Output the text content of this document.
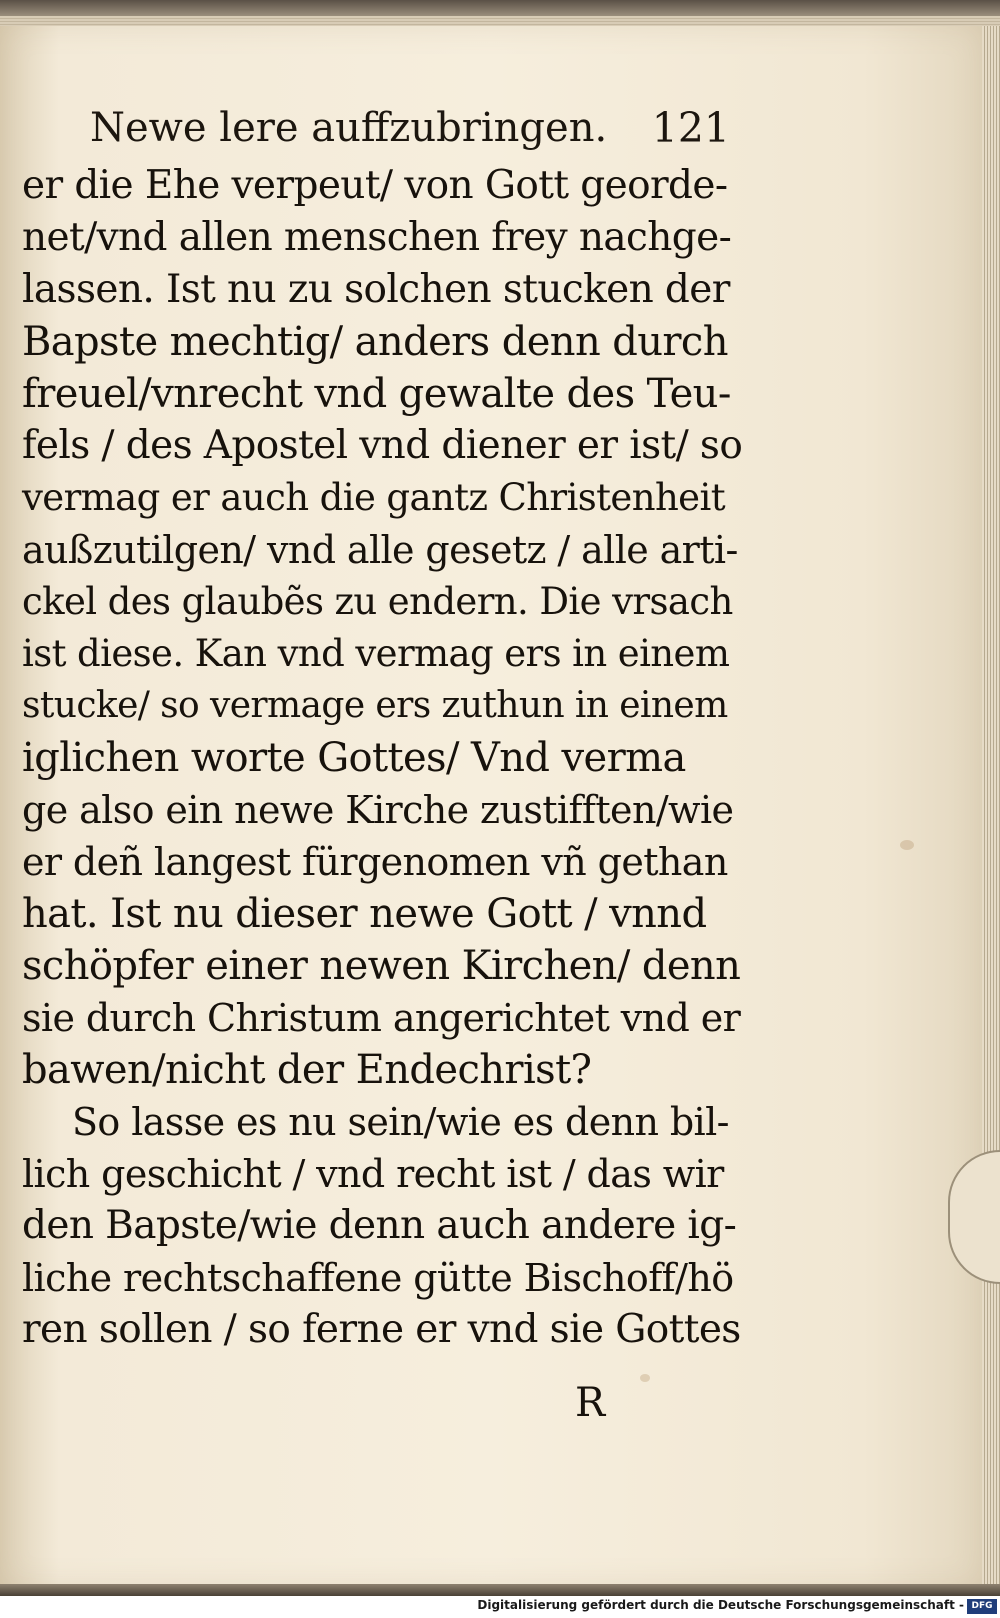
Newe lere auffzubringen. 121
er die Ehe verpeut/ von Gott georde-
net/vnd allen menschen frey nachge-
lassen. Ist nu zu solchen stucken der
Bapste mechtig/ anders denn durch
freuel/vnrecht vnd gewalte des Teu-
fels / des Apostel vnd diener er ist/ so
vermag er auch die gantz Christenheit
außzutilgen/ vnd alle gesetz / alle arti-
ckel des glaubẽs zu endern. Die vrsach
ist diese. Kan vnd vermag ers in einem
stucke/ so vermage ers zuthun in einem
iglichen worte Gottes/ Vnd verma
ge also ein newe Kirche zustifften/wie
er deñ langest fürgenomen vñ gethan
hat. Ist nu dieser newe Gott / vnnd
schöpfer einer newen Kirchen/ denn
sie durch Christum angerichtet vnd er
bawen/nicht der Endechrist?
So lasse es nu sein/wie es denn bil-
lich geschicht / vnd recht ist / das wir
den Bapste/wie denn auch andere ig-
liche rechtschaffene gütte Bischoff/hö
ren sollen / so ferne er vnd sie Gottes
R
Digitalisierung gefördert durch die Deutsche Forschungsgemeinschaft - DFG
